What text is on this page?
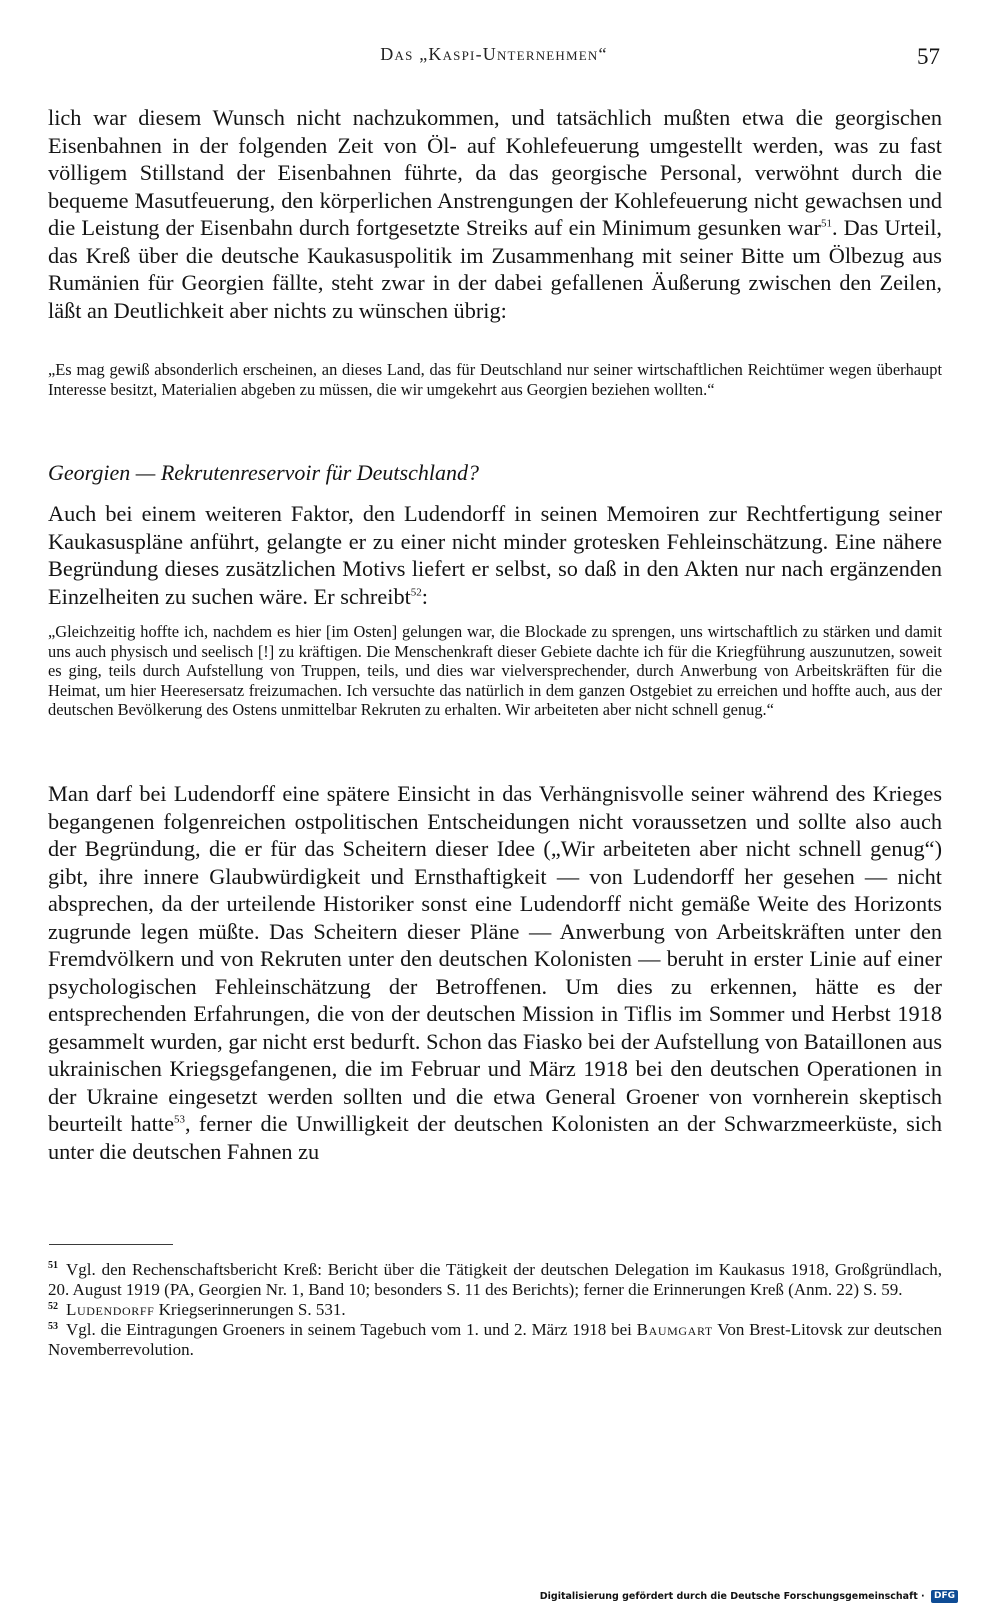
Das „Kaspi-Unternehmen“	57

lich war diesem Wunsch nicht nachzukommen, und tatsächlich mußten etwa die georgischen Eisenbahnen in der folgenden Zeit von Öl- auf Kohlefeuerung umgestellt werden, was zu fast völligem Stillstand der Eisenbahnen führte, da das georgische Personal, verwöhnt durch die bequeme Masutfeuerung, den körperlichen Anstrengungen der Kohlefeuerung nicht gewachsen und die Leistung der Eisenbahn durch fortgesetzte Streiks auf ein Minimum gesunken war$^{51}$. Das Urteil, das Kreß über die deutsche Kaukasuspolitik im Zusammenhang mit seiner Bitte um Ölbezug aus Rumänien für Georgien fällte, steht zwar in der dabei gefallenen Äußerung zwischen den Zeilen, läßt an Deutlichkeit aber nichts zu wünschen übrig:

„Es mag gewiß absonderlich erscheinen, an dieses Land, das für Deutschland nur seiner wirtschaftlichen Reichtümer wegen überhaupt Interesse besitzt, Materialien abgeben zu müssen, die wir umgekehrt aus Georgien beziehen wollten.“

Georgien — Rekrutenreservoir für Deutschland?

Auch bei einem weiteren Faktor, den Ludendorff in seinen Memoiren zur Rechtfertigung seiner Kaukasuspläne anführt, gelangte er zu einer nicht minder grotesken Fehleinschätzung. Eine nähere Begründung dieses zusätzlichen Motivs liefert er selbst, so daß in den Akten nur nach ergänzenden Einzelheiten zu suchen wäre. Er schreibt$^{52}$:

„Gleichzeitig hoffte ich, nachdem es hier [im Osten] gelungen war, die Blockade zu sprengen, uns wirtschaftlich zu stärken und damit uns auch physisch und seelisch [!] zu kräftigen. Die Menschenkraft dieser Gebiete dachte ich für die Kriegführung auszunutzen, soweit es ging, teils durch Aufstellung von Truppen, teils, und dies war vielversprechender, durch Anwerbung von Arbeitskräften für die Heimat, um hier Heeresersatz freizumachen. Ich versuchte das natürlich in dem ganzen Ostgebiet zu erreichen und hoffte auch, aus der deutschen Bevölkerung des Ostens unmittelbar Rekruten zu erhalten. Wir arbeiteten aber nicht schnell genug.“

Man darf bei Ludendorff eine spätere Einsicht in das Verhängnisvolle seiner während des Krieges begangenen folgenreichen ostpolitischen Entscheidungen nicht voraussetzen und sollte also auch der Begründung, die er für das Scheitern dieser Idee („Wir arbeiteten aber nicht schnell genug“) gibt, ihre innere Glaubwürdigkeit und Ernsthaftigkeit — von Ludendorff her gesehen — nicht absprechen, da der urteilende Historiker sonst eine Ludendorff nicht gemäße Weite des Horizonts zugrunde legen müßte. Das Scheitern dieser Pläne — Anwerbung von Arbeitskräften unter den Fremdvölkern und von Rekruten unter den deutschen Kolonisten — beruht in erster Linie auf einer psychologischen Fehleinschätzung der Betroffenen. Um dies zu erkennen, hätte es der entsprechenden Erfahrungen, die von der deutschen Mission in Tiflis im Sommer und Herbst 1918 gesammelt wurden, gar nicht erst bedurft. Schon das Fiasko bei der Aufstellung von Bataillonen aus ukrainischen Kriegsgefangenen, die im Februar und März 1918 bei den deutschen Operationen in der Ukraine eingesetzt werden sollten und die etwa General Groener von vornherein skeptisch beurteilt hatte$^{53}$, ferner die Unwilligkeit der deutschen Kolonisten an der Schwarzmeerküste, sich unter die deutschen Fahnen zu

$^{51}$ Vgl. den Rechenschaftsbericht Kreß: Bericht über die Tätigkeit der deutschen Delegation im Kaukasus 1918, Großgründlach, 20. August 1919 (PA, Georgien Nr. 1, Band 10; besonders S. 11 des Berichts); ferner die Erinnerungen Kreß (Anm. 22) S. 59.

$^{52}$ Ludendorff Kriegserinnerungen S. 531.

$^{53}$ Vgl. die Eintragungen Groeners in seinem Tagebuch vom 1. und 2. März 1918 bei Baumgart Von Brest-Litovsk zur deutschen Novemberrevolution.

Digitalisierung gefördert durch die Deutsche Forschungsgemeinschaft · DFG
